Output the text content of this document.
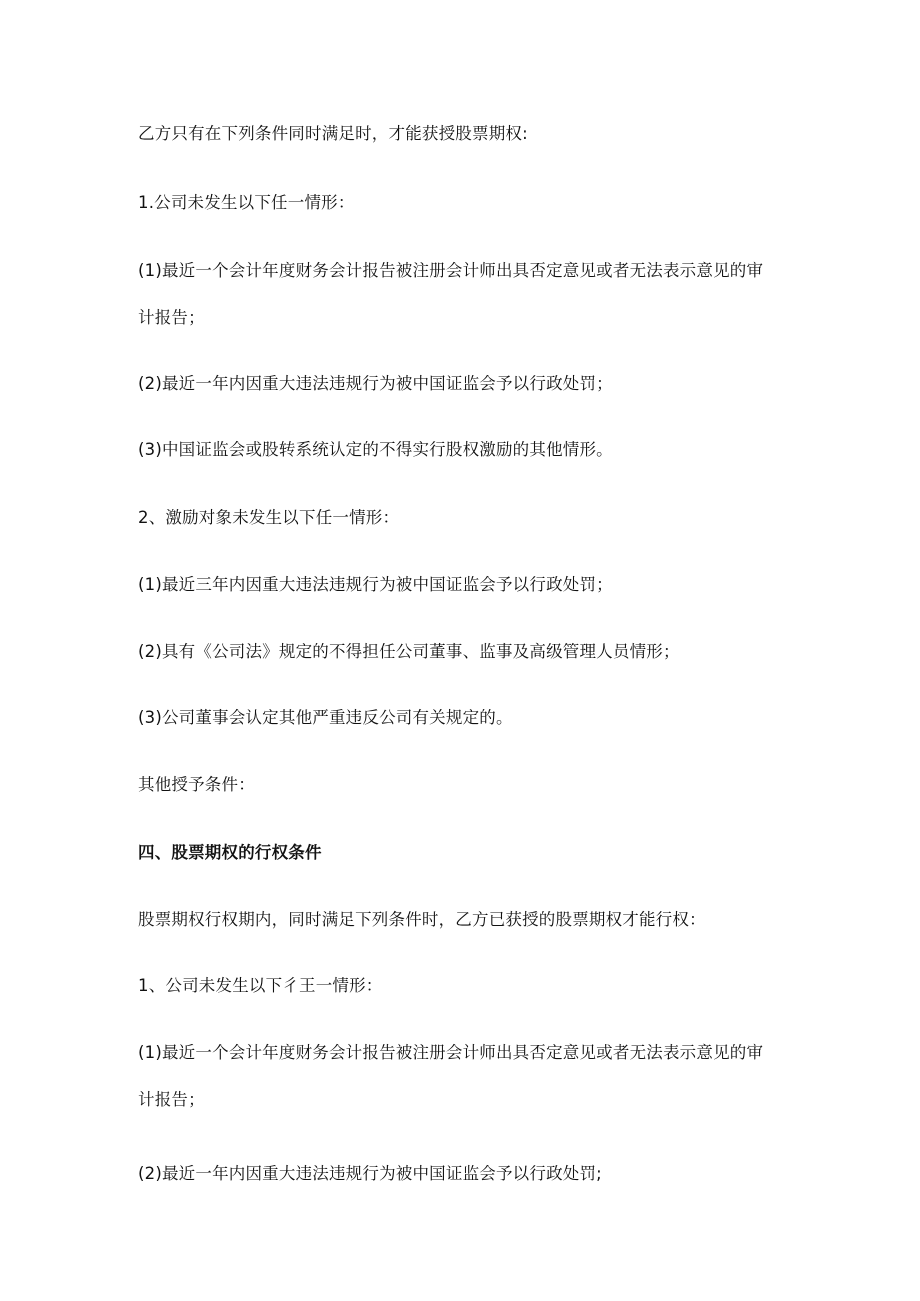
乙方只有在下列条件同时满足时，才能获授股票期权:
1.公司未发生以下任一情形：
(1)最近一个会计年度财务会计报告被注册会计师出具否定意见或者无法表示意见的审
计报告；
(2)最近一年内因重大违法违规行为被中国证监会予以行政处罚；
(3)中国证监会或股转系统认定的不得实行股权激励的其他情形。
2、激励对象未发生以下任一情形：
(1)最近三年内因重大违法违规行为被中国证监会予以行政处罚；
(2)具有《公司法》规定的不得担任公司董事、监事及高级管理人员情形；
(3)公司董事会认定其他严重违反公司有关规定的。
其他授予条件：
四、股票期权的行权条件
股票期权行权期内，同时满足下列条件时，乙方已获授的股票期权才能行权：
1、公司未发生以下彳王一情形：
(1)最近一个会计年度财务会计报告被注册会计师出具否定意见或者无法表示意见的审
计报告；
(2)最近一年内因重大违法违规行为被中国证监会予以行政处罚;
